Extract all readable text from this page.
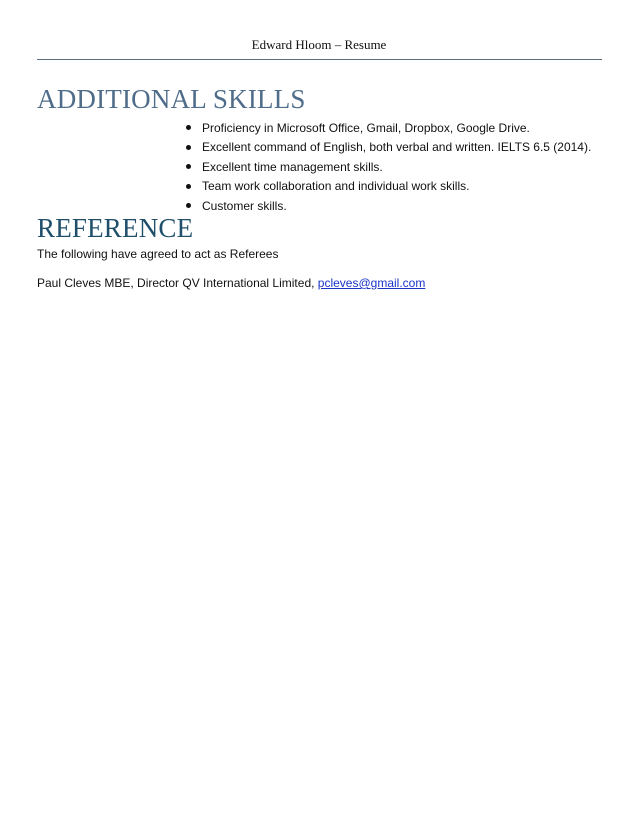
Edward Hloom – Resume
ADDITIONAL SKILLS
Proficiency in Microsoft Office, Gmail, Dropbox, Google Drive.
Excellent command of English, both verbal and written. IELTS 6.5 (2014).
Excellent time management skills.
Team work collaboration and individual work skills.
Customer skills.
REFERENCE

The following have agreed to act as Referees

Paul Cleves MBE, Director QV International Limited, pcleves@gmail.com
